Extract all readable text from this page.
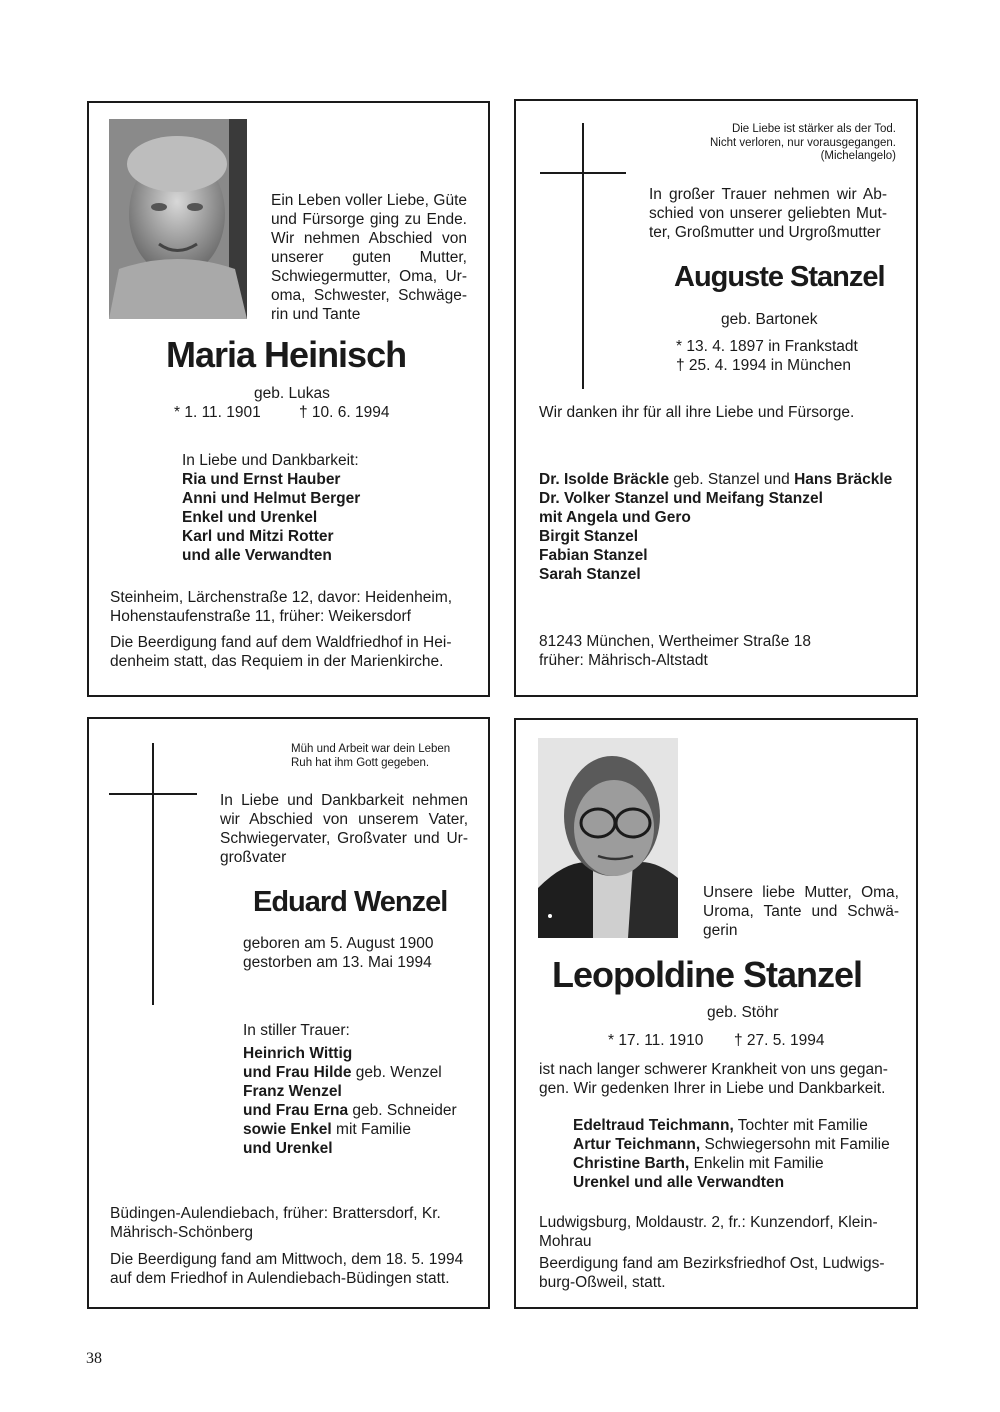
Ein Leben voller Liebe, Güte
und Fürsorge ging zu Ende.
Wir nehmen Abschied von
unserer guten Mutter,
Schwiegermutter, Oma, Ur-
oma, Schwester, Schwäge-
rin und Tante
Maria Heinisch
geb. Lukas
* 1. 11. 1901 † 10. 6. 1994
In Liebe und Dankbarkeit:
Ria und Ernst Hauber
Anni und Helmut Berger
Enkel und Urenkel
Karl und Mitzi Rotter
und alle Verwandten
Steinheim, Lärchenstraße 12, davor: Heidenheim,
Hohenstaufenstraße 11, früher: Weikersdorf
Die Beerdigung fand auf dem Waldfriedhof in Hei-
denheim statt, das Requiem in der Marienkirche.
Die Liebe ist stärker als der Tod.
Nicht verloren, nur vorausgegangen.
(Michelangelo)
In großer Trauer nehmen wir Ab-
schied von unserer geliebten Mut-
ter, Großmutter und Urgroßmutter
Auguste Stanzel
geb. Bartonek
* 13. 4. 1897 in Frankstadt
† 25. 4. 1994 in München
Wir danken ihr für all ihre Liebe und Fürsorge.
Dr. Isolde Bräckle geb. Stanzel und Hans Bräckle
Dr. Volker Stanzel und Meifang Stanzel
mit Angela und Gero
Birgit Stanzel
Fabian Stanzel
Sarah Stanzel
81243 München, Wertheimer Straße 18
früher: Mährisch-Altstadt
Müh und Arbeit war dein Leben
Ruh hat ihm Gott gegeben.
In Liebe und Dankbarkeit nehmen
wir Abschied von unserem Vater,
Schwiegervater, Großvater und Ur-
großvater
Eduard Wenzel
geboren am 5. August 1900
gestorben am 13. Mai 1994
In stiller Trauer:
Heinrich Wittig
und Frau Hilde geb. Wenzel
Franz Wenzel
und Frau Erna geb. Schneider
sowie Enkel mit Familie
und Urenkel
Büdingen-Aulendiebach, früher: Brattersdorf, Kr.
Mährisch-Schönberg
Die Beerdigung fand am Mittwoch, dem 18. 5. 1994
auf dem Friedhof in Aulendiebach-Büdingen statt.
Unsere liebe Mutter, Oma,
Uroma, Tante und Schwä-
gerin
Leopoldine Stanzel
geb. Stöhr
* 17. 11. 1910 † 27. 5. 1994
ist nach langer schwerer Krankheit von uns gegan-
gen. Wir gedenken Ihrer in Liebe und Dankbarkeit.
Edeltraud Teichmann, Tochter mit Familie
Artur Teichmann, Schwiegersohn mit Familie
Christine Barth, Enkelin mit Familie
Urenkel und alle Verwandten
Ludwigsburg, Moldaustr. 2, fr.: Kunzendorf, Klein-
Mohrau
Beerdigung fand am Bezirksfriedhof Ost, Ludwigs-
burg-Oßweil, statt.
38
